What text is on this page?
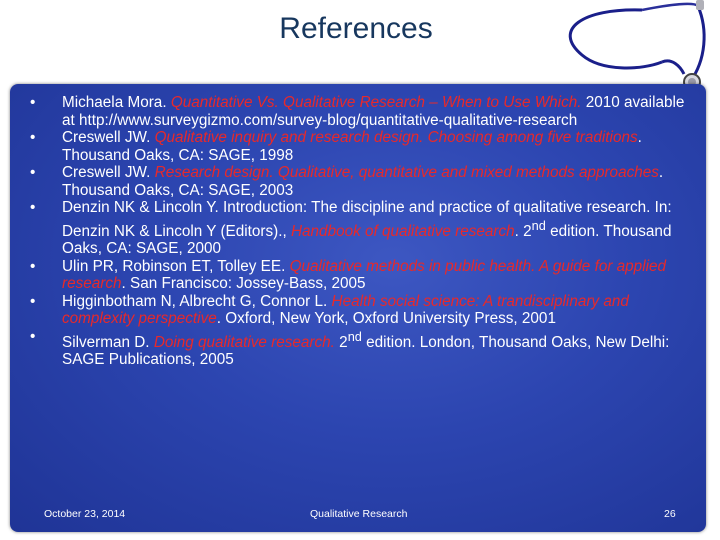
References
• Michaela Mora. Quantitative Vs. Qualitative Research – When to Use Which. 2010 available at http://www.surveygizmo.com/survey-blog/quantitative-qualitative-research
• Creswell JW. Qualitative inquiry and research design. Choosing among five traditions. Thousand Oaks, CA: SAGE, 1998
• Creswell JW. Research design. Qualitative, quantitative and mixed methods approaches. Thousand Oaks, CA: SAGE, 2003
• Denzin NK & Lincoln Y. Introduction: The discipline and practice of qualitative research. In: Denzin NK & Lincoln Y (Editors)., Handbook of qualitative research. 2nd edition. Thousand Oaks, CA: SAGE, 2000
• Ulin PR, Robinson ET, Tolley EE. Qualitative methods in public health. A guide for applied research. San Francisco: Jossey-Bass, 2005
• Higginbotham N, Albrecht G, Connor L. Health social science: A trandisciplinary and complexity perspective. Oxford, New York, Oxford University Press, 2001
• Silverman D. Doing qualitative research. 2nd edition. London, Thousand Oaks, New Delhi: SAGE Publications, 2005
October 23, 2014	Qualitative Research	26
